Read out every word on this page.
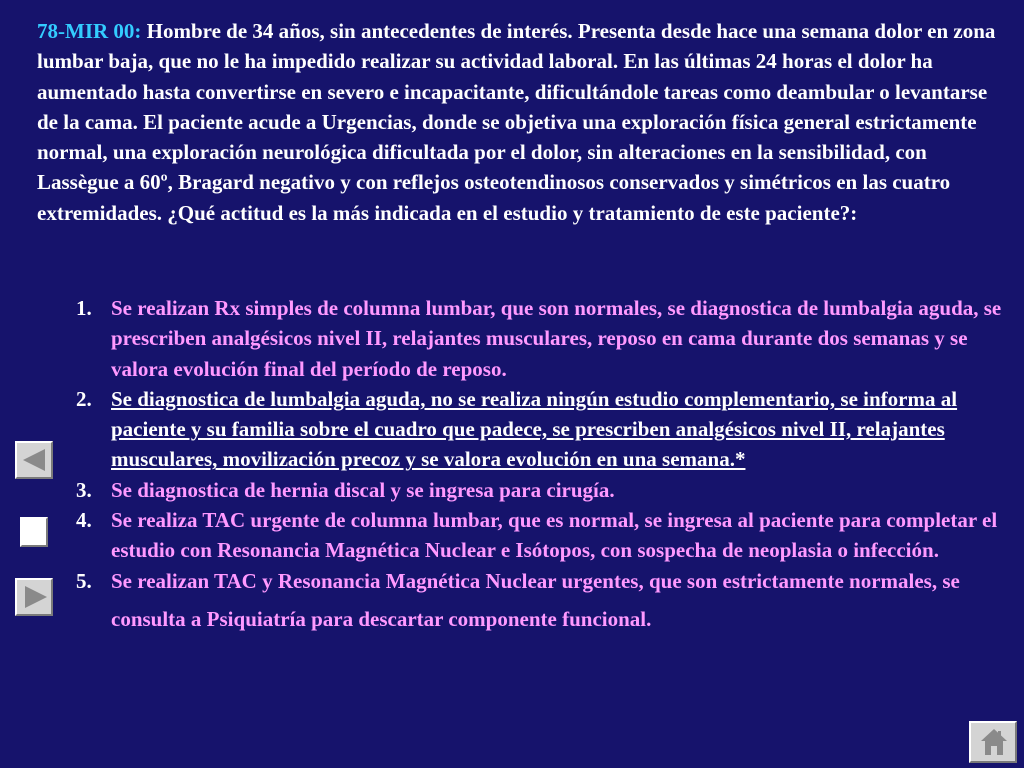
78-MIR 00: Hombre de 34 años, sin antecedentes de interés. Presenta desde hace una semana dolor en zona lumbar baja, que no le ha impedido realizar su actividad laboral. En las últimas 24 horas el dolor ha aumentado hasta convertirse en severo e incapacitante, dificultándole tareas como deambular o levantarse de la cama. El paciente acude a Urgencias, donde se objetiva una exploración física general estrictamente normal, una exploración neurológica dificultada por el dolor, sin alteraciones en la sensibilidad, con Lassègue a 60º, Bragard negativo y con reflejos osteotendinosos conservados y simétricos en las cuatro extremidades. ¿Qué actitud es la más indicada en el estudio y tratamiento de este paciente?:

1. Se realizan Rx simples de columna lumbar, que son normales, se diagnostica de lumbalgia aguda, se prescriben analgésicos nivel II, relajantes musculares, reposo en cama durante dos semanas y se valora evolución final del período de reposo.
2. Se diagnostica de lumbalgia aguda, no se realiza ningún estudio complementario, se informa al paciente y su familia sobre el cuadro que padece, se prescriben analgésicos nivel II, relajantes musculares, movilización precoz y se valora evolución en una semana.*
3. Se diagnostica de hernia discal y se ingresa para cirugía.
4. Se realiza TAC urgente de columna lumbar, que es normal, se ingresa al paciente para completar el estudio con Resonancia Magnética Nuclear e Isótopos, con sospecha de neoplasia o infección.
5. Se realizan TAC y Resonancia Magnética Nuclear urgentes, que son estrictamente normales, se consulta a Psiquiatría para descartar componente funcional.
